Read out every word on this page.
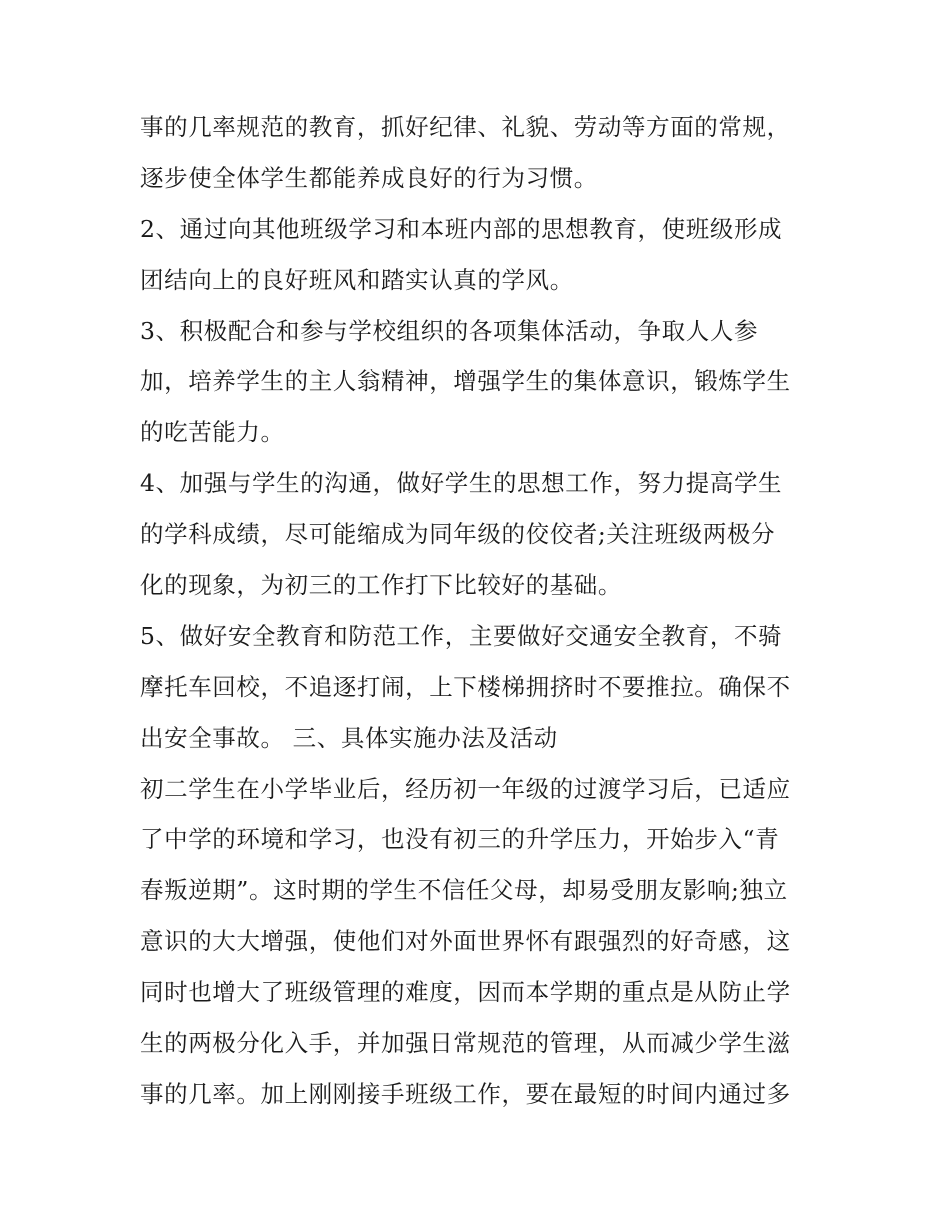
事的几率规范的教育，抓好纪律、礼貌、劳动等方面的常规，
逐步使全体学生都能养成良好的行为习惯。
2、通过向其他班级学习和本班内部的思想教育，使班级形成
团结向上的良好班风和踏实认真的学风。
3、积极配合和参与学校组织的各项集体活动，争取人人参
加，培养学生的主人翁精神，增强学生的集体意识，锻炼学生
的吃苦能力。
4、加强与学生的沟通，做好学生的思想工作，努力提高学生
的学科成绩，尽可能缩成为同年级的佼佼者;关注班级两极分
化的现象，为初三的工作打下比较好的基础。
5、做好安全教育和防范工作，主要做好交通安全教育，不骑
摩托车回校，不追逐打闹，上下楼梯拥挤时不要推拉。确保不
出安全事故。 三、具体实施办法及活动
初二学生在小学毕业后，经历初一年级的过渡学习后，已适应
了中学的环境和学习，也没有初三的升学压力，开始步入“青
春叛逆期”。这时期的学生不信任父母，却易受朋友影响;独立
意识的大大增强，使他们对外面世界怀有跟强烈的好奇感，这
同时也增大了班级管理的难度，因而本学期的重点是从防止学
生的两极分化入手，并加强日常规范的管理，从而减少学生滋
事的几率。加上刚刚接手班级工作，要在最短的时间内通过多
